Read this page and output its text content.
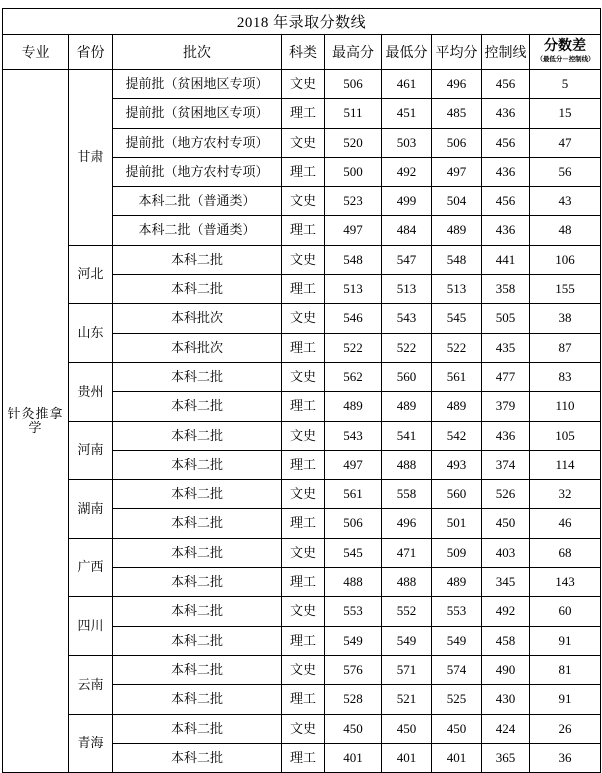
2018 年录取分数线								
专业	省份	批次	科类	最高分	最低分	平均分	控制线	分数差
（最低分－控制线）

针灸推拿学	甘肃	提前批（贫困地区专项）	文史	506	461	496	456	5
		提前批（贫困地区专项）	理工	511	451	485	436	15
		提前批（地方农村专项）	文史	520	503	506	456	47
		提前批（地方农村专项）	理工	500	492	497	436	56
		本科二批（普通类）	文史	523	499	504	456	43
		本科二批（普通类）	理工	497	484	489	436	48
	河北	本科二批	文史	548	547	548	441	106
		本科二批	理工	513	513	513	358	155
	山东	本科批次	文史	546	543	545	505	38
		本科批次	理工	522	522	522	435	87
	贵州	本科二批	文史	562	560	561	477	83
		本科二批	理工	489	489	489	379	110
	河南	本科二批	文史	543	541	542	436	105
		本科二批	理工	497	488	493	374	114
	湖南	本科二批	文史	561	558	560	526	32
		本科二批	理工	506	496	501	450	46
	广西	本科二批	文史	545	471	509	403	68
		本科二批	理工	488	488	489	345	143
	四川	本科二批	文史	553	552	553	492	60
		本科二批	理工	549	549	549	458	91
	云南	本科二批	文史	576	571	574	490	81
		本科二批	理工	528	521	525	430	91
	青海	本科二批	文史	450	450	450	424	26
		本科二批	理工	401	401	401	365	36
